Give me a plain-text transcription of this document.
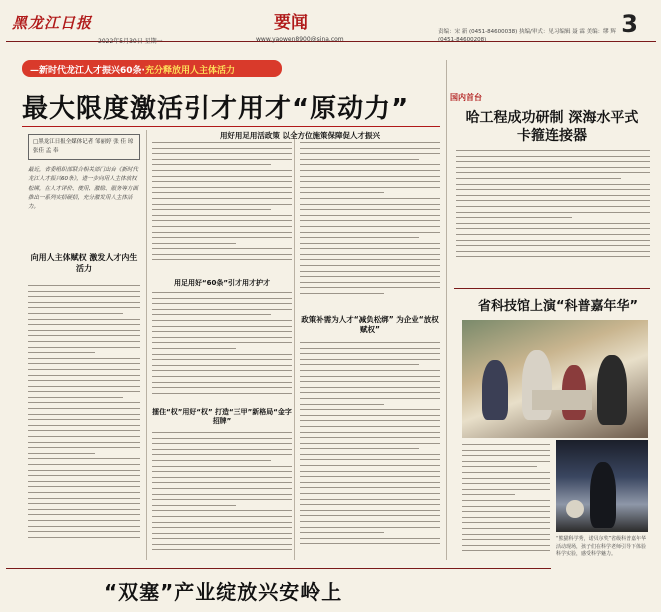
黑龙江日报
2022年5月30日 星期一
要闻
www.yaowen8900@sina.com
责编：宋 新 (0451-84600038) 执编/审式：见习编辑 聂 霖 美编：缪 辉 (0451-84600208)
3
—新时代龙江人才振兴60条·充分释放用人主体活力
最大限度激活引才用才“原动力”
□黑龙江日报全媒体记者 邹丽婷 张 佳 琼 张佳 孟 奉
最近，省委组织部联合相关部门出台《新时代龙江人才振兴60条》，进一步向用人主体放权松绑，在人才评价、使用、激励、服务等方面推出一系列实招硬招，充分激发用人主体活力。
用好用足用活政策 以全方位施策保障促人才振兴
向用人主体赋权 激发人才内生活力
用足用好“60条”引才用才护才
政策补需为人才“减负松绑” 为企业“放权赋权”
擂住“权”用好“权” 打造“三甲”新格局“金字招牌”
国内首台
哈工程成功研制 深海水平式卡箍连接器
省科技馆上演“科普嘉年华”
“熊猫科学秀，诺贝尔奖”省级科普嘉年华活动现场，孩子们在科学老师引导下体验科学实验，感受科学魅力。
“双塞”产业绽放兴安岭上
